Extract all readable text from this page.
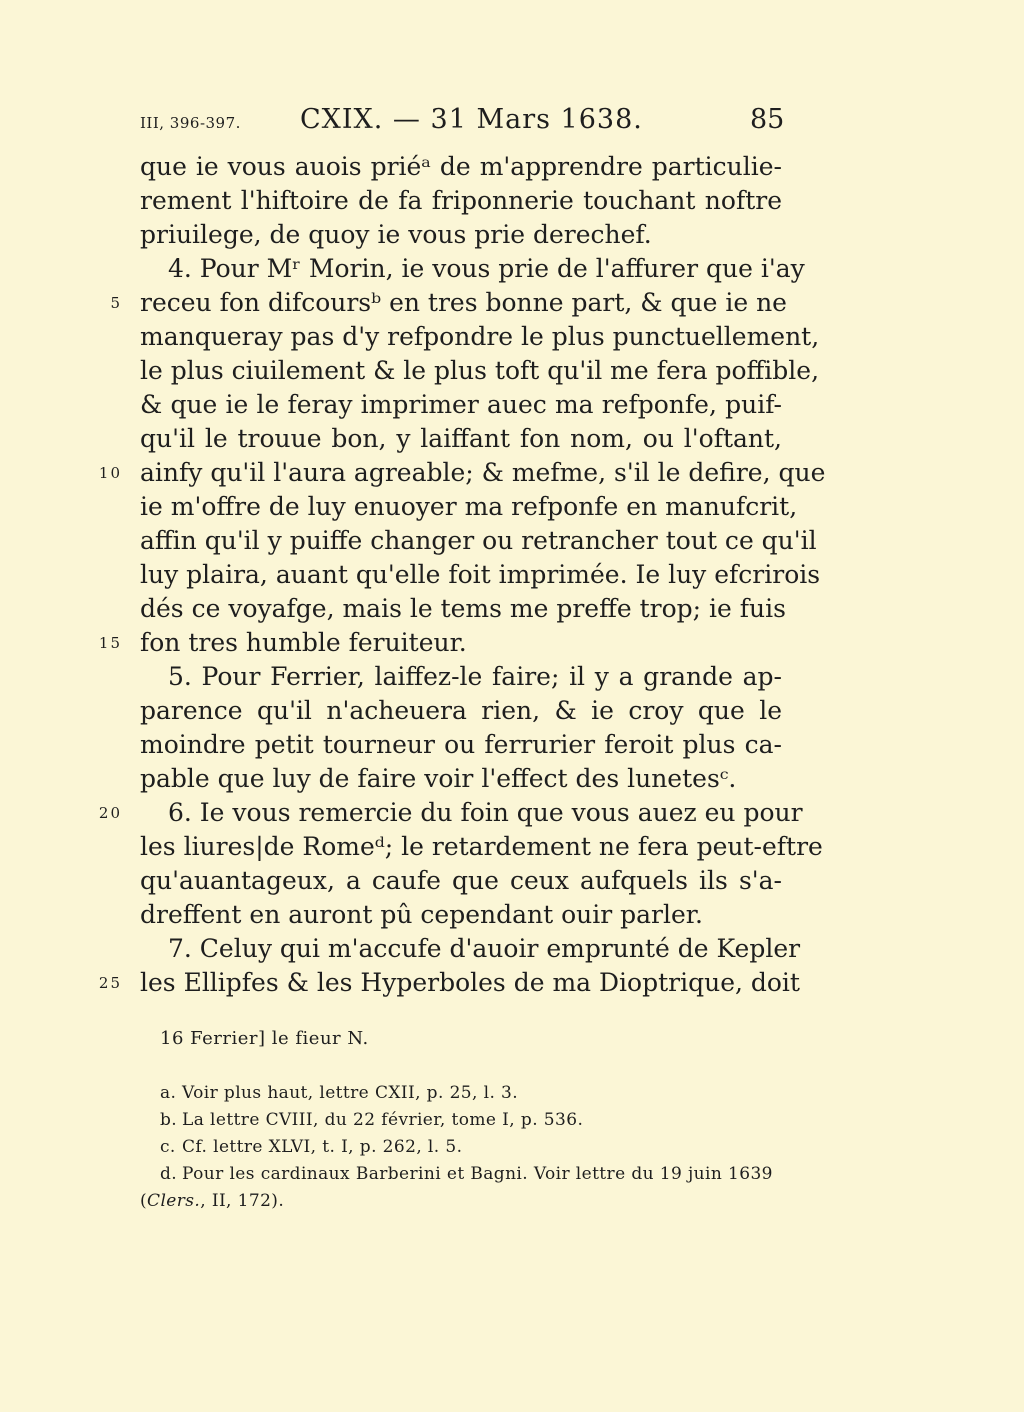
III, 396-397. CXIX. — 31 Mars 1638.	85
que ie vous auois priéᵃ de m'apprendre particulie-
rement l'hiftoire de fa friponnerie touchant noftre
priuilege, de quoy ie vous prie derechef.
4. Pour Mʳ Morin, ie vous prie de l'affurer que i'ay
5 receu fon difcoursᵇ en tres bonne part, & que ie ne
manqueray pas d'y refpondre le plus punctuellement,
le plus ciuilement & le plus toft qu'il me fera poffible,
& que ie le feray imprimer auec ma refponfe, puif-
qu'il le trouue bon, y laiffant fon nom, ou l'oftant,
10 ainfy qu'il l'aura agreable; & mefme, s'il le defire, que
ie m'offre de luy enuoyer ma refponfe en manufcrit,
affin qu'il y puiffe changer ou retrancher tout ce qu'il
luy plaira, auant qu'elle foit imprimée. Ie luy efcrirois
dés ce voyafge, mais le tems me preffe trop; ie fuis
15 fon tres humble feruiteur.
5. Pour Ferrier, laiffez-le faire; il y a grande ap-
parence qu'il n'acheuera rien, & ie croy que le
moindre petit tourneur ou ferrurier feroit plus ca-
pable que luy de faire voir l'effect des lunetesᶜ.
20 6. Ie vous remercie du foin que vous auez eu pour
les liures|de Romeᵈ; le retardement ne fera peut-eftre
qu'auantageux, a caufe que ceux aufquels ils s'a-
dreffent en auront pû cependant ouir parler.
7. Celuy qui m'accufe d'auoir emprunté de Kepler
25 les Ellipfes & les Hyperboles de ma Dioptrique, doit
16 Ferrier] le fieur N.
a. Voir plus haut, lettre CXII, p. 25, l. 3.
b. La lettre CVIII, du 22 février, tome I, p. 536.
c. Cf. lettre XLVI, t. I, p. 262, l. 5.
d. Pour les cardinaux Barberini et Bagni. Voir lettre du 19 juin 1639
(Clers., II, 172).
